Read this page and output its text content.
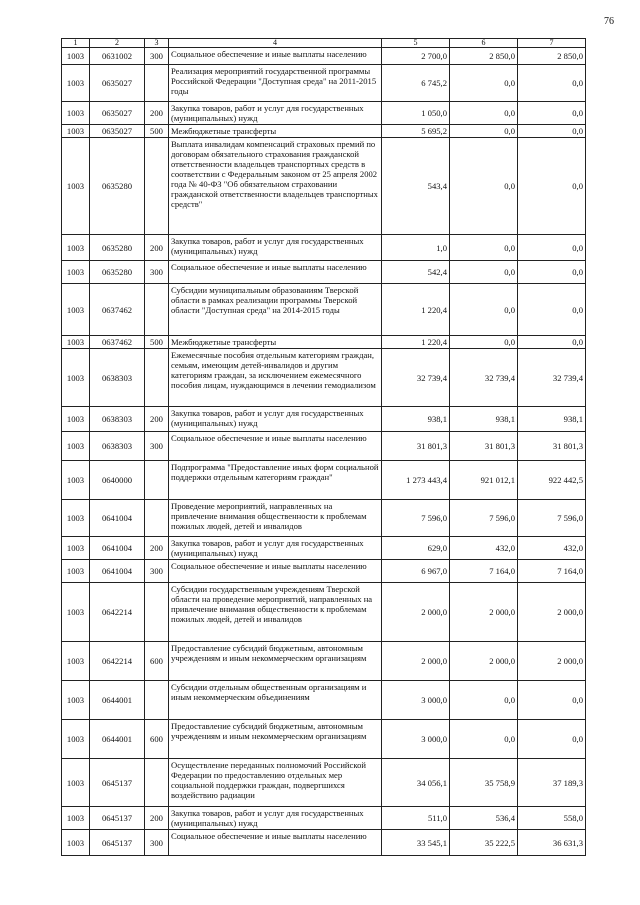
76
1	2	3	4	5	6	7
1003	0631002	300	Социальное обеспечение и иные выплаты населению	2 700,0	2 850,0	2 850,0
1003	0635027		Реализация мероприятий государственной программы Российской Федерации "Доступная среда" на 2011-2015 годы	6 745,2	0,0	0,0
1003	0635027	200	Закупка товаров, работ и услуг для государственных (муниципальных) нужд	1 050,0	0,0	0,0
1003	0635027	500	Межбюджетные трансферты	5 695,2	0,0	0,0
1003	0635280		Выплата инвалидам компенсаций страховых премий по договорам обязательного страхования гражданской ответственности владельцев транспортных средств в соответствии с Федеральным законом от 25 апреля 2002 года № 40-ФЗ "Об обязательном страховании гражданской ответственности владельцев транспортных средств"	543,4	0,0	0,0
1003	0635280	200	Закупка товаров, работ и услуг для государственных (муниципальных) нужд	1,0	0,0	0,0
1003	0635280	300	Социальное обеспечение и иные выплаты населению	542,4	0,0	0,0
1003	0637462		Субсидии муниципальным образованиям Тверской области в рамках реализации программы Тверской области "Доступная среда" на 2014-2015 годы	1 220,4	0,0	0,0
1003	0637462	500	Межбюджетные трансферты	1 220,4	0,0	0,0
1003	0638303		Ежемесячные пособия отдельным категориям граждан, семьям, имеющим детей-инвалидов и другим категориям граждан, за исключением ежемесячного пособия лицам, нуждающимся в лечении гемодиализом	32 739,4	32 739,4	32 739,4
1003	0638303	200	Закупка товаров, работ и услуг для государственных (муниципальных) нужд	938,1	938,1	938,1
1003	0638303	300	Социальное обеспечение и иные выплаты населению	31 801,3	31 801,3	31 801,3
1003	0640000		Подпрограмма "Предоставление иных форм социальной поддержки отдельным категориям граждан"	1 273 443,4	921 012,1	922 442,5
1003	0641004		Проведение мероприятий, направленных на привлечение внимания общественности к проблемам пожилых людей, детей и инвалидов	7 596,0	7 596,0	7 596,0
1003	0641004	200	Закупка товаров, работ и услуг для государственных (муниципальных) нужд	629,0	432,0	432,0
1003	0641004	300	Социальное обеспечение и иные выплаты населению	6 967,0	7 164,0	7 164,0
1003	0642214		Субсидии государственным учреждениям Тверской области на проведение мероприятий, направленных на привлечение внимания общественности к проблемам пожилых людей, детей и инвалидов	2 000,0	2 000,0	2 000,0
1003	0642214	600	Предоставление субсидий бюджетным, автономным учреждениям и иным некоммерческим организациям	2 000,0	2 000,0	2 000,0
1003	0644001		Субсидии отдельным общественным организациям и иным некоммерческим объединениям	3 000,0	0,0	0,0
1003	0644001	600	Предоставление субсидий бюджетным, автономным учреждениям и иным некоммерческим организациям	3 000,0	0,0	0,0
1003	0645137		Осуществление переданных полномочий Российской Федерации по предоставлению отдельных мер социальной поддержки граждан, подвергшихся воздействию радиации	34 056,1	35 758,9	37 189,3
1003	0645137	200	Закупка товаров, работ и услуг для государственных (муниципальных) нужд	511,0	536,4	558,0
1003	0645137	300	Социальное обеспечение и иные выплаты населению	33 545,1	35 222,5	36 631,3
